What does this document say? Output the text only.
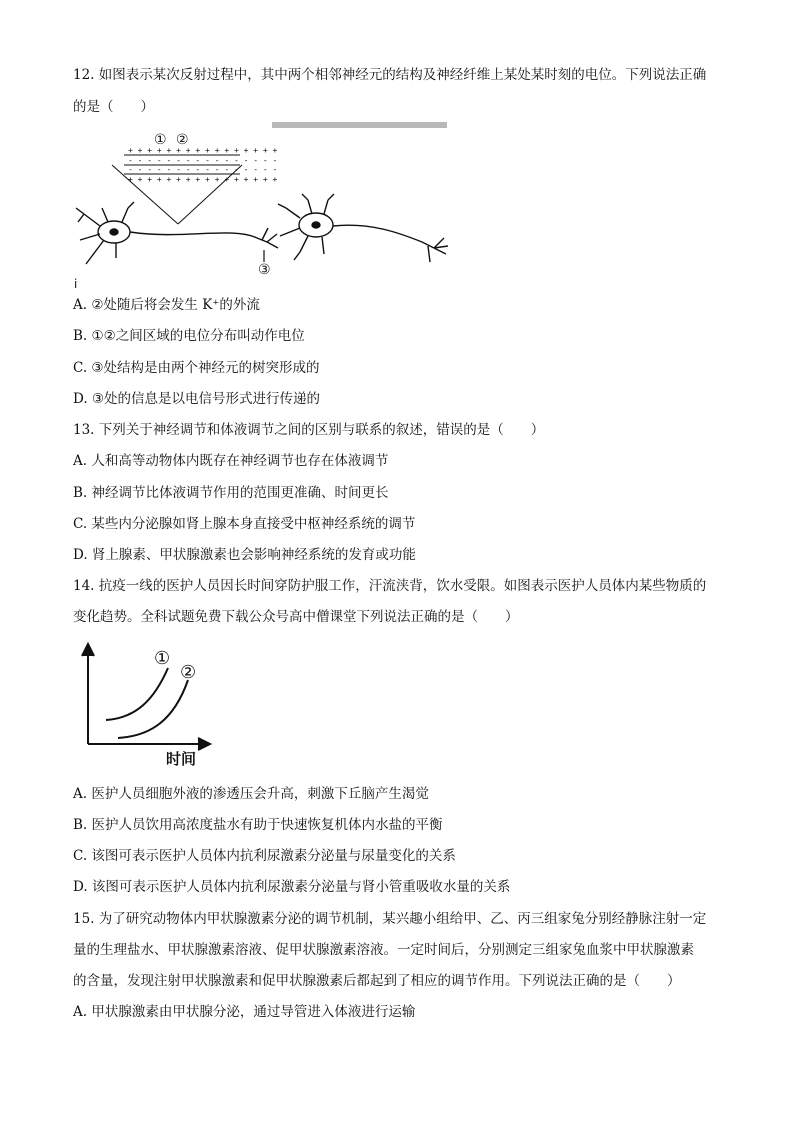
12. 如图表示某次反射过程中，其中两个相邻神经元的结构及神经纤维上某处某时刻的电位。下列说法正确
的是（　　）
+ + + + + + + + + + + + + + + +
- - - - - - - - - - - - - - - -
- - - - - - - - - - - - - - - -
+ + + + + + + + + + + + + + + +
① ②
③
i
A. ②处随后将会发生 K⁺的外流
B. ①②之间区域的电位分布叫动作电位
C. ③处结构是由两个神经元的树突形成的
D. ③处的信息是以电信号形式进行传递的
13. 下列关于神经调节和体液调节之间的区别与联系的叙述，错误的是（　　）
A. 人和高等动物体内既存在神经调节也存在体液调节
B. 神经调节比体液调节作用的范围更准确、时间更长
C. 某些内分泌腺如肾上腺本身直接受中枢神经系统的调节
D. 肾上腺素、甲状腺激素也会影响神经系统的发育或功能
14. 抗疫一线的医护人员因长时间穿防护服工作，汗流浃背，饮水受限。如图表示医护人员体内某些物质的
变化趋势。全科试题免费下载公众号高中僧课堂下列说法正确的是（　　）
①
②
时间
A. 医护人员细胞外液的渗透压会升高，刺激下丘脑产生渴觉
B. 医护人员饮用高浓度盐水有助于快速恢复机体内水盐的平衡
C. 该图可表示医护人员体内抗利尿激素分泌量与尿量变化的关系
D. 该图可表示医护人员体内抗利尿激素分泌量与肾小管重吸收水量的关系
15. 为了研究动物体内甲状腺激素分泌的调节机制，某兴趣小组给甲、乙、丙三组家兔分别经静脉注射一定
量的生理盐水、甲状腺激素溶液、促甲状腺激素溶液。一定时间后，分别测定三组家兔血浆中甲状腺激素
的含量，发现注射甲状腺激素和促甲状腺激素后都起到了相应的调节作用。下列说法正确的是（　　）
A. 甲状腺激素由甲状腺分泌，通过导管进入体液进行运输
